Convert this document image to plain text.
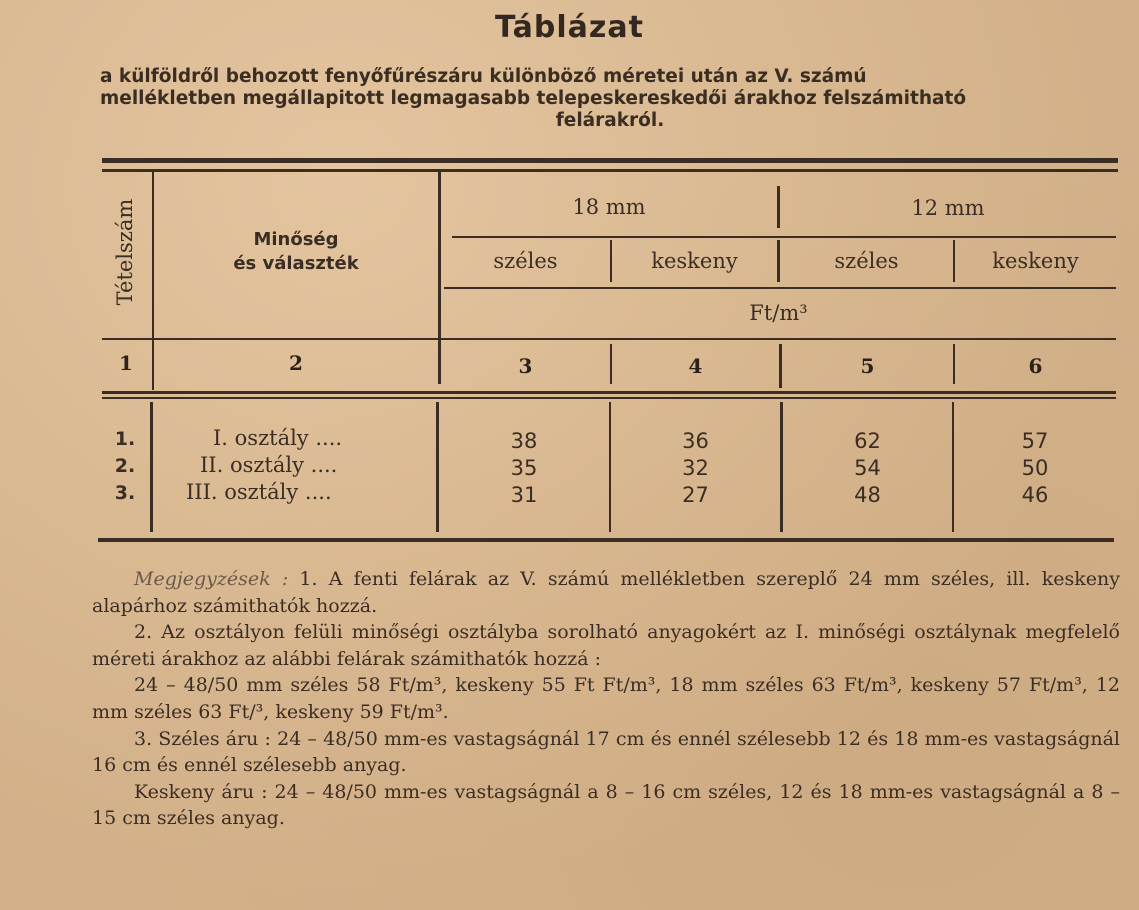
Táblázat
a külföldről behozott fenyőfűrészáru különböző méretei után az V. számú
mellékletben megállapitott legmagasabb telepeskereskedői árakhoz felszámitható
felárakról.
Tételszám	Minőség
és választék
18 mm	12 mm
széles	keskeny	széles	keskeny
Ft/m³
1	2	3	4	5	6
1.	I. osztály ....	38	36	62	57
2.	II. osztály ....	35	32	54	50
3.	III. osztály ....	31	27	48	46

Megjegyzések : 1. A fenti felárak az V. számú mellékletben szereplő 24 mm széles, ill. keskeny alapárhoz számithatók hozzá.

2. Az osztályon felüli minőségi osztályba sorolható anyagokért az I. minőségi osztálynak megfelelő méreti árakhoz az alábbi felárak számithatók hozzá :

24 – 48/50 mm széles 58 Ft/m³, keskeny 55 Ft Ft/m³, 18 mm széles 63 Ft/m³, keskeny 57 Ft/m³, 12 mm széles 63 Ft/³, keskeny 59 Ft/m³.

3. Széles áru : 24 – 48/50 mm-es vastagságnál 17 cm és ennél szélesebb 12 és 18 mm-es vastagságnál 16 cm és ennél szélesebb anyag.

Keskeny áru : 24 – 48/50 mm-es vastagságnál a 8 – 16 cm széles, 12 és 18 mm-es vastagságnál a 8 – 15 cm széles anyag.
